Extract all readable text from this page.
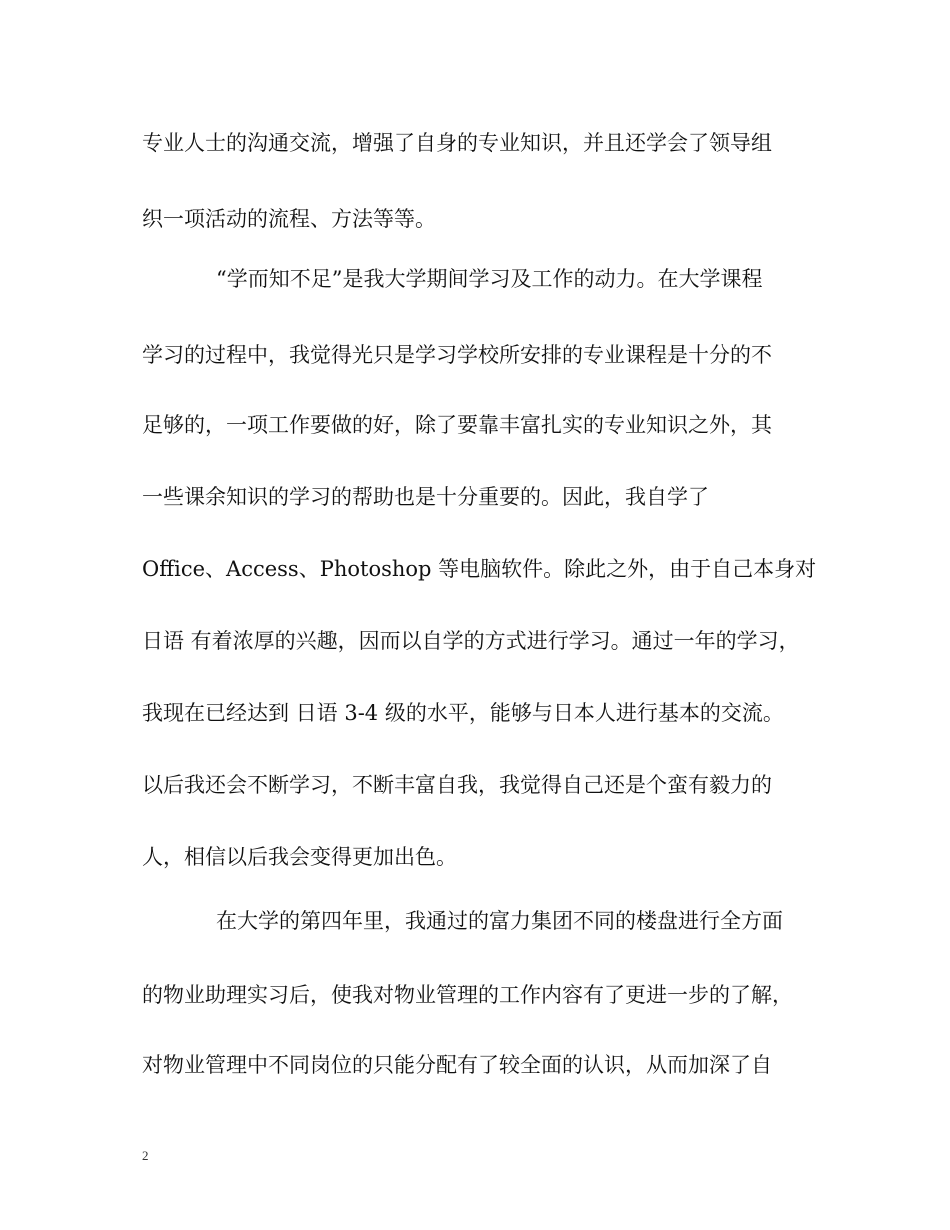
专业人士的沟通交流，增强了自身的专业知识，并且还学会了领导组
织一项活动的流程、方法等等。
“学而知不足”是我大学期间学习及工作的动力。在大学课程
学习的过程中，我觉得光只是学习学校所安排的专业课程是十分的不
足够的，一项工作要做的好，除了要靠丰富扎实的专业知识之外，其
一些课余知识的学习的帮助也是十分重要的。因此，我自学了
Office、Access、Photoshop 等电脑软件。除此之外，由于自己本身对
日语 有着浓厚的兴趣，因而以自学的方式进行学习。通过一年的学习，
我现在已经达到 日语 3-4 级的水平，能够与日本人进行基本的交流。
以后我还会不断学习，不断丰富自我，我觉得自己还是个蛮有毅力的
人，相信以后我会变得更加出色。
在大学的第四年里，我通过的富力集团不同的楼盘进行全方面
的物业助理实习后，使我对物业管理的工作内容有了更进一步的了解，
对物业管理中不同岗位的只能分配有了较全面的认识，从而加深了自
2
